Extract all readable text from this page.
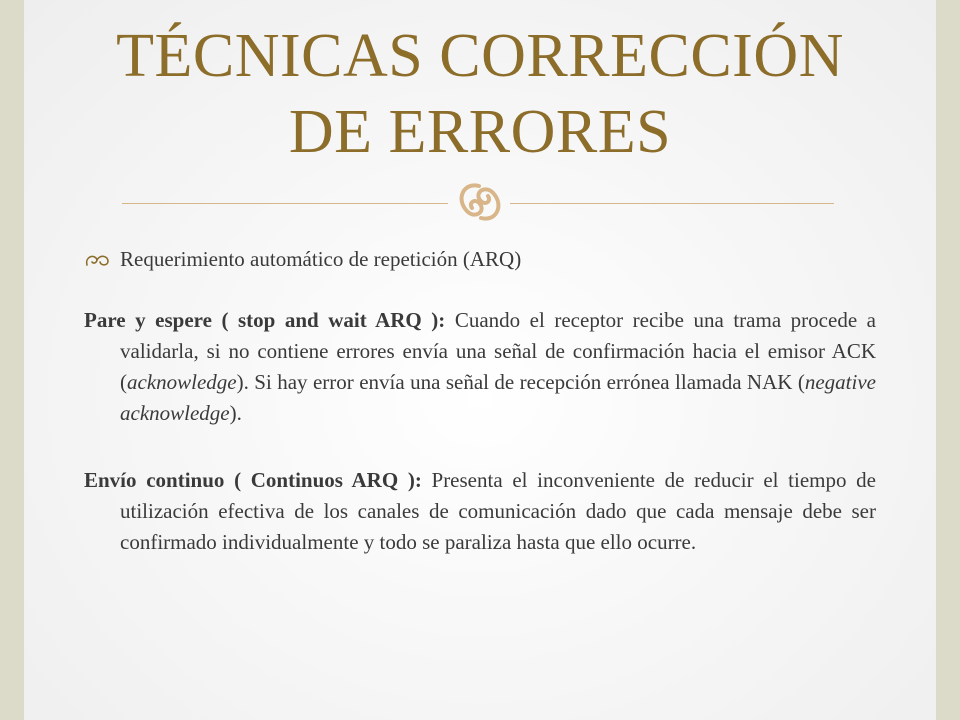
TÉCNICAS CORRECCIÓN
DE ERRORES
Requerimiento automático de repetición (ARQ)

Pare y espere ( stop and wait ARQ ): Cuando el receptor recibe una trama procede a validarla, si no contiene errores envía una señal de confirmación hacia el emisor ACK (acknowledge). Si hay error envía una señal de recepción errónea llamada NAK (negative acknowledge).

Envío continuo ( Continuos ARQ ): Presenta el inconveniente de reducir el tiempo de utilización efectiva de los canales de comunicación dado que cada mensaje debe ser confirmado individualmente y todo se paraliza hasta que ello ocurre.
